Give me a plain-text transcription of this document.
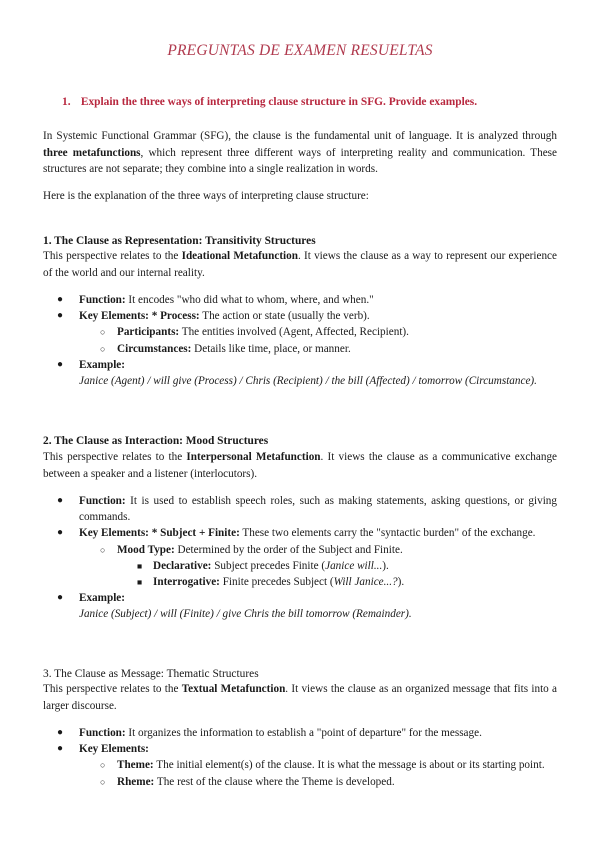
PREGUNTAS DE EXAMEN RESUELTAS
1. Explain the three ways of interpreting clause structure in SFG. Provide examples.
In Systemic Functional Grammar (SFG), the clause is the fundamental unit of language. It is analyzed through three metafunctions, which represent three different ways of interpreting reality and communication. These structures are not separate; they combine into a single realization in words.
Here is the explanation of the three ways of interpreting clause structure:
1. The Clause as Representation: Transitivity Structures
This perspective relates to the Ideational Metafunction. It views the clause as a way to represent our experience of the world and our internal reality.
● Function: It encodes "who did what to whom, where, and when."
● Key Elements: * Process: The action or state (usually the verb).
○ Participants: The entities involved (Agent, Affected, Recipient).
○ Circumstances: Details like time, place, or manner.
● Example:
Janice (Agent) / will give (Process) / Chris (Recipient) / the bill (Affected) / tomorrow (Circumstance).
2. The Clause as Interaction: Mood Structures
This perspective relates to the Interpersonal Metafunction. It views the clause as a communicative exchange between a speaker and a listener (interlocutors).
● Function: It is used to establish speech roles, such as making statements, asking questions, or giving commands.
● Key Elements: * Subject + Finite: These two elements carry the "syntactic burden" of the exchange.
○ Mood Type: Determined by the order of the Subject and Finite.
■ Declarative: Subject precedes Finite (Janice will...).
■ Interrogative: Finite precedes Subject (Will Janice...?).
● Example:
Janice (Subject) / will (Finite) / give Chris the bill tomorrow (Remainder).
3. The Clause as Message: Thematic Structures
This perspective relates to the Textual Metafunction. It views the clause as an organized message that fits into a larger discourse.
● Function: It organizes the information to establish a "point of departure" for the message.
● Key Elements:
○ Theme: The initial element(s) of the clause. It is what the message is about or its starting point.
○ Rheme: The rest of the clause where the Theme is developed.
